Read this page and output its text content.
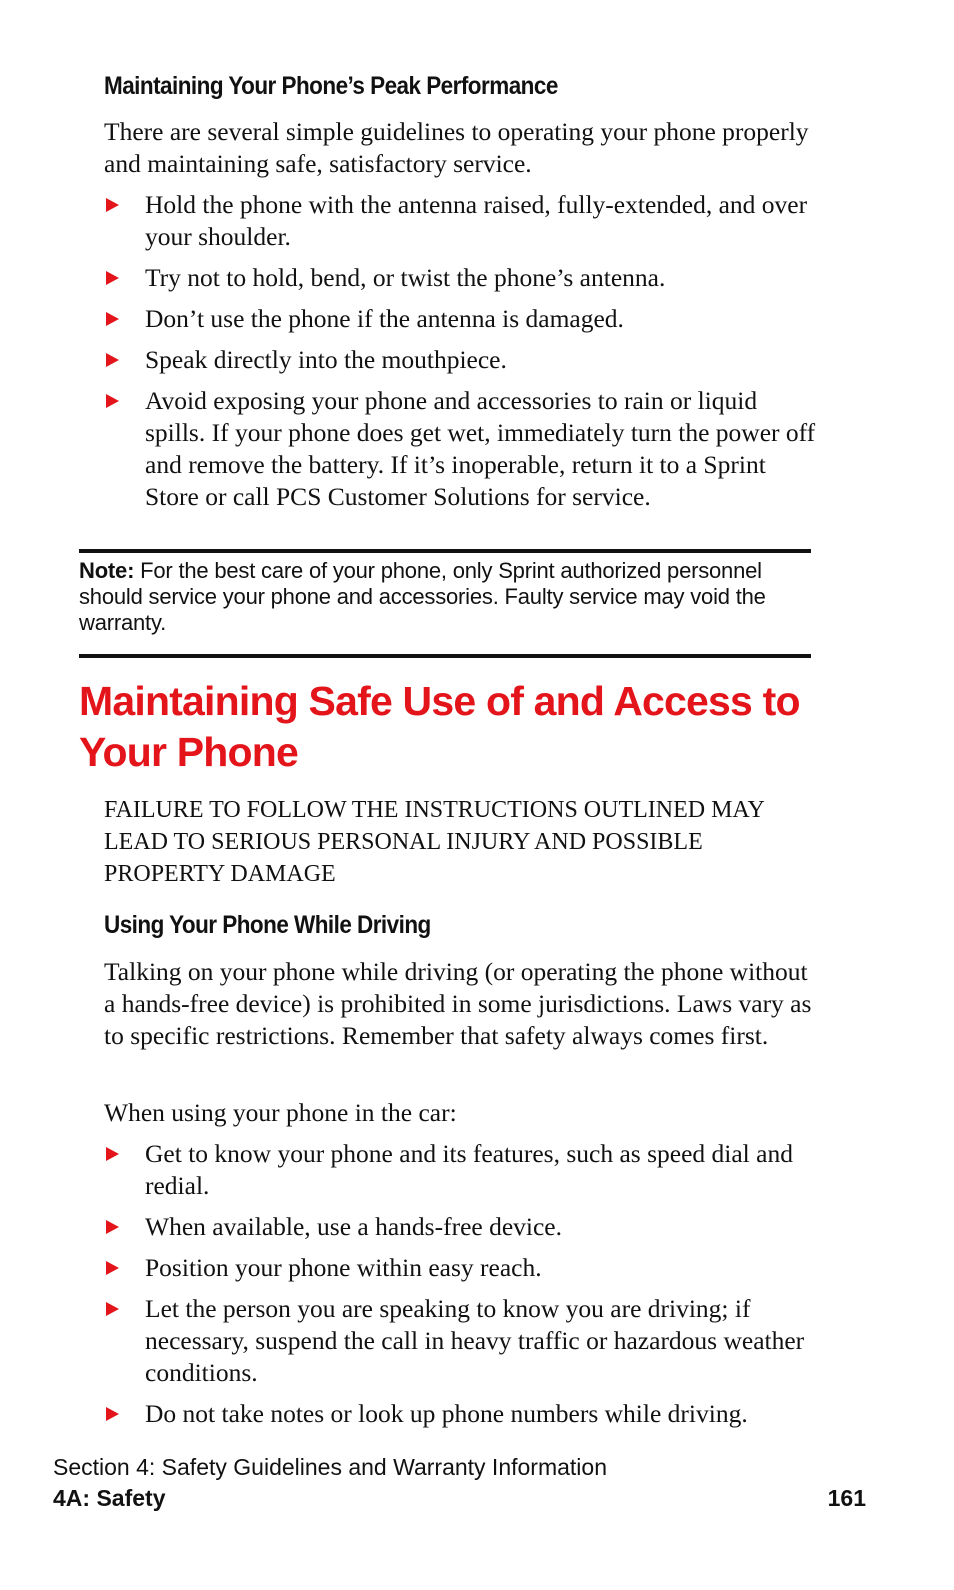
Maintaining Your Phone’s Peak Performance

There are several simple guidelines to operating your phone properly and maintaining safe, satisfactory service.

Hold the phone with the antenna raised, fully-extended, and over your shoulder.
Try not to hold, bend, or twist the phone’s antenna.
Don’t use the phone if the antenna is damaged.
Speak directly into the mouthpiece.
Avoid exposing your phone and accessories to rain or liquid spills. If your phone does get wet, immediately turn the power off and remove the battery. If it’s inoperable, return it to a Sprint Store or call PCS Customer Solutions for service.
Note: For the best care of your phone, only Sprint authorized personnel should service your phone and accessories. Faulty service may void the warranty.
Maintaining Safe Use of and Access to Your Phone
FAILURE TO FOLLOW THE INSTRUCTIONS OUTLINED MAY LEAD TO SERIOUS PERSONAL INJURY AND POSSIBLE PROPERTY DAMAGE
Using Your Phone While Driving

Talking on your phone while driving (or operating the phone without a hands-free device) is prohibited in some jurisdictions. Laws vary as to specific restrictions. Remember that safety always comes first.

When using your phone in the car:

Get to know your phone and its features, such as speed dial and redial.
When available, use a hands-free device.
Position your phone within easy reach.
Let the person you are speaking to know you are driving; if necessary, suspend the call in heavy traffic or hazardous weather conditions.
Do not take notes or look up phone numbers while driving.
Section 4: Safety Guidelines and Warranty Information
4A: Safety	161
